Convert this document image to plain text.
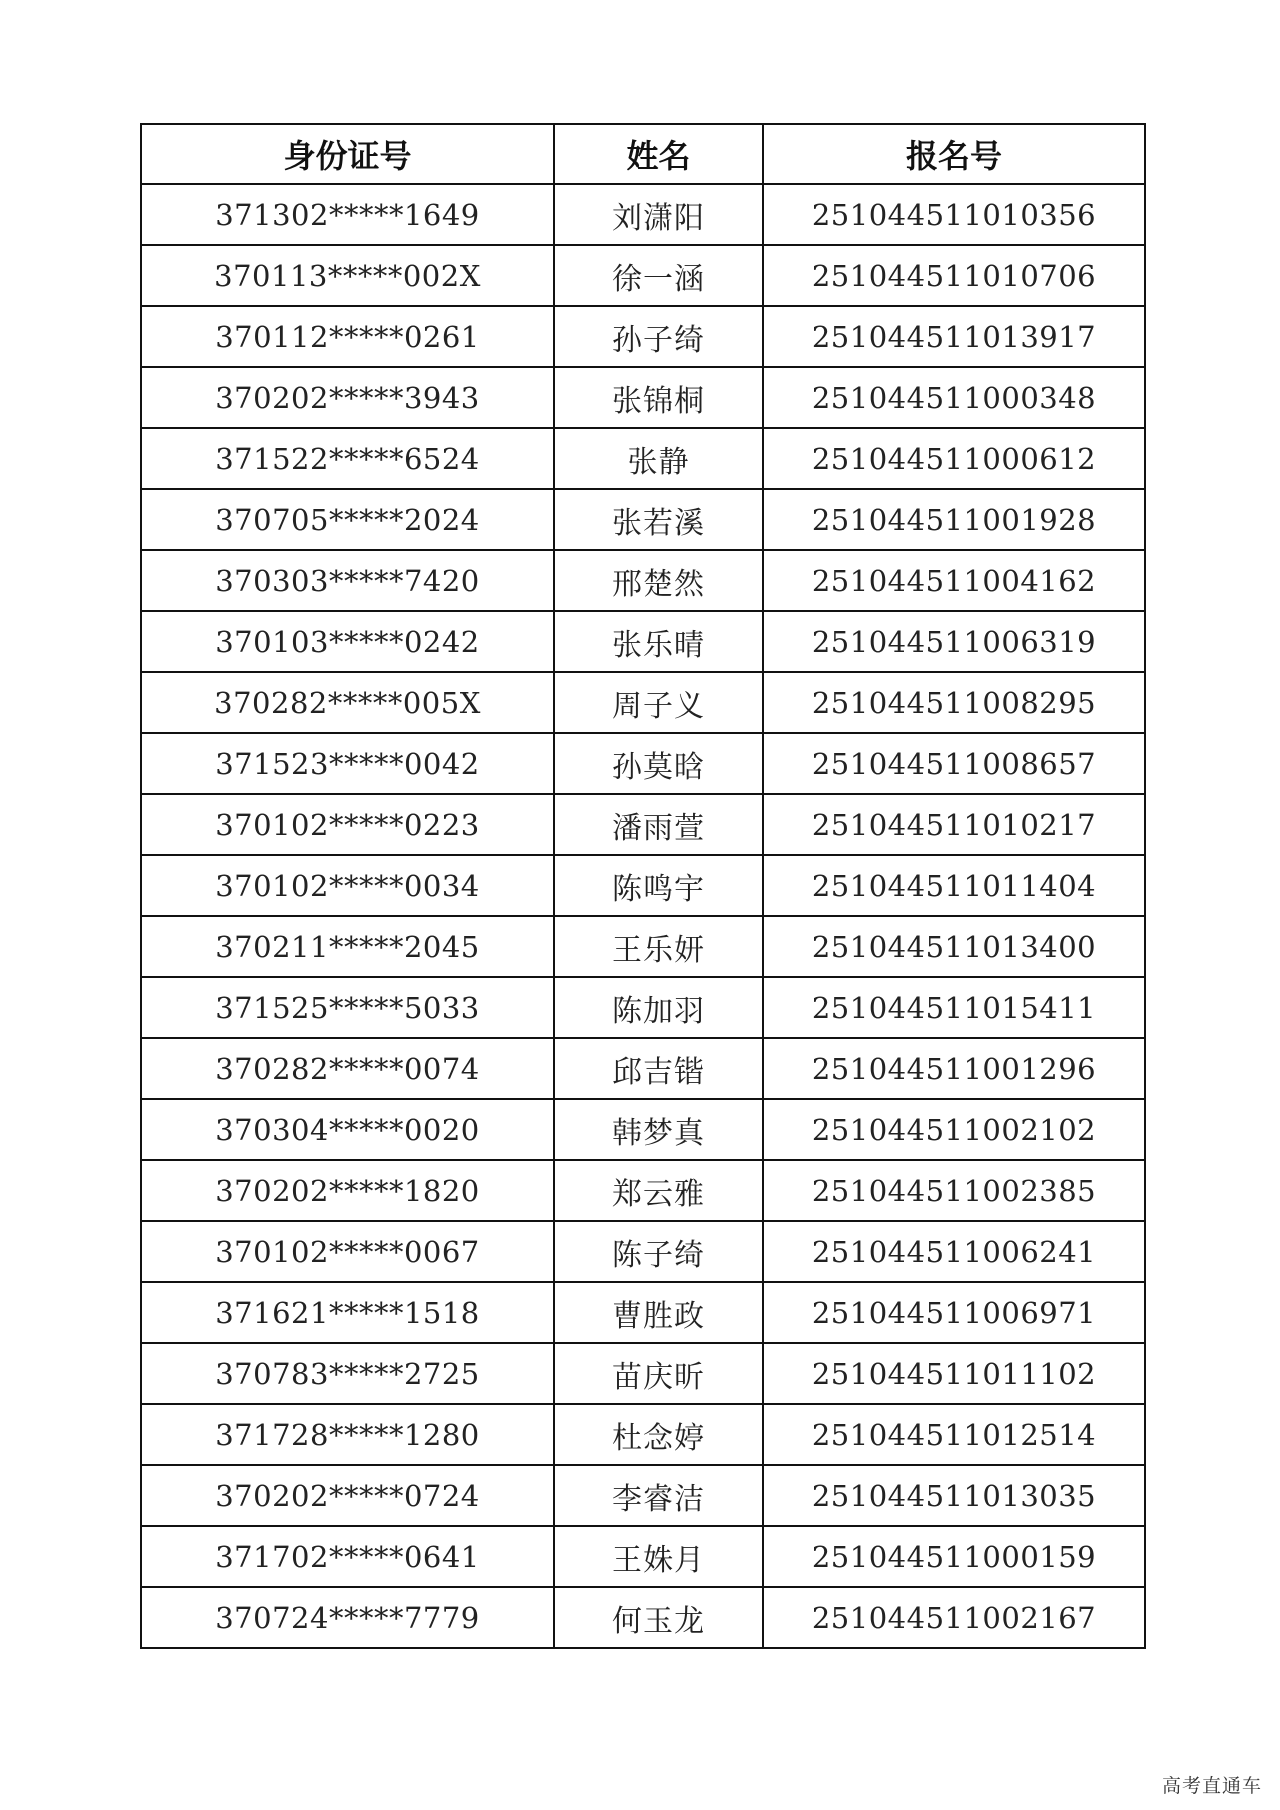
身份证号	姓名	报名号
371302*****1649	刘潇阳	251044511010356
370113*****002X	徐一涵	251044511010706
370112*****0261	孙子绮	251044511013917
370202*****3943	张锦桐	251044511000348
371522*****6524	张静	251044511000612
370705*****2024	张若溪	251044511001928
370303*****7420	邢楚然	251044511004162
370103*****0242	张乐晴	251044511006319
370282*****005X	周子义	251044511008295
371523*****0042	孙莫晗	251044511008657
370102*****0223	潘雨萱	251044511010217
370102*****0034	陈鸣宇	251044511011404
370211*****2045	王乐妍	251044511013400
371525*****5033	陈加羽	251044511015411
370282*****0074	邱吉锴	251044511001296
370304*****0020	韩梦真	251044511002102
370202*****1820	郑云雅	251044511002385
370102*****0067	陈子绮	251044511006241
371621*****1518	曹胜政	251044511006971
370783*****2725	苗庆昕	251044511011102
371728*****1280	杜念婷	251044511012514
370202*****0724	李睿洁	251044511013035
371702*****0641	王姝月	251044511000159
370724*****7779	何玉龙	251044511002167
高考直通车
